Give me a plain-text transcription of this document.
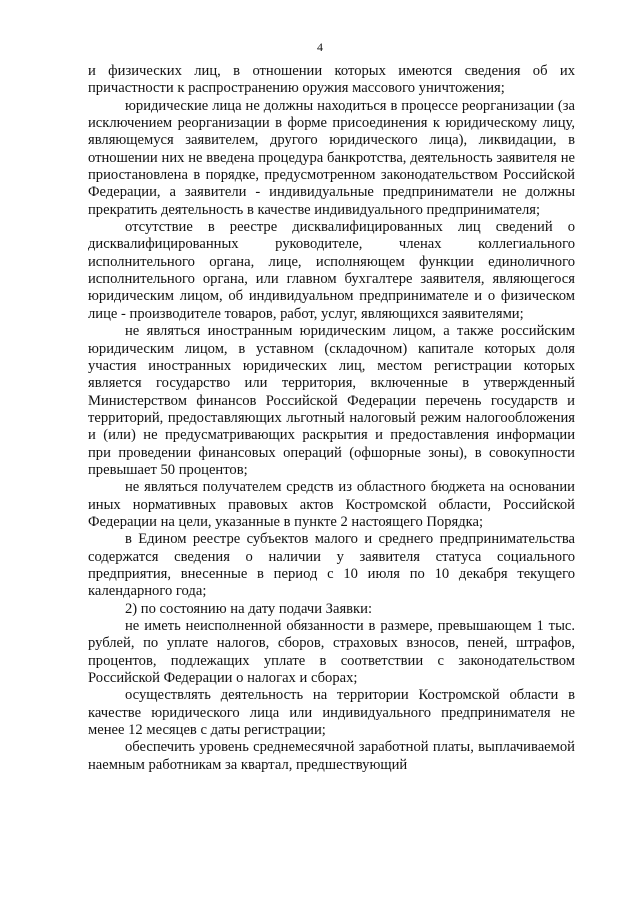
4

и физических лиц, в отношении которых имеются сведения об их причастности к распространению оружия массового уничтожения;

юридические лица не должны находиться в процессе реорганизации (за исключением реорганизации в форме присоединения к юридическому лицу, являющемуся заявителем, другого юридического лица), ликвидации, в отношении них не введена процедура банкротства, деятельность заявителя не приостановлена в порядке, предусмотренном законодательством Российской Федерации, а заявители - индивидуальные предприниматели не должны прекратить деятельность в качестве индивидуального предпринимателя;

отсутствие в реестре дисквалифицированных лиц сведений о дисквалифицированных руководителе, членах коллегиального исполнительного органа, лице, исполняющем функции единоличного исполнительного органа, или главном бухгалтере заявителя, являющегося юридическим лицом, об индивидуальном предпринимателе и о физическом лице - производителе товаров, работ, услуг, являющихся заявителями;

не являться иностранным юридическим лицом, а также российским юридическим лицом, в уставном (складочном) капитале которых доля участия иностранных юридических лиц, местом регистрации которых является государство или территория, включенные в утвержденный Министерством финансов Российской Федерации перечень государств и территорий, предоставляющих льготный налоговый режим налогообложения и (или) не предусматривающих раскрытия и предоставления информации при проведении финансовых операций (офшорные зоны), в совокупности превышает 50 процентов;

не являться получателем средств из областного бюджета на основании иных нормативных правовых актов Костромской области, Российской Федерации на цели, указанные в пункте 2 настоящего Порядка;

в Едином реестре субъектов малого и среднего предпринимательства содержатся сведения о наличии у заявителя статуса социального предприятия, внесенные в период с 10 июля по 10 декабря текущего календарного года;

2) по состоянию на дату подачи Заявки:

не иметь неисполненной обязанности в размере, превышающем 1 тыс. рублей, по уплате налогов, сборов, страховых взносов, пеней, штрафов, процентов, подлежащих уплате в соответствии с законодательством Российской Федерации о налогах и сборах;

осуществлять деятельность на территории Костромской области в качестве юридического лица или индивидуального предпринимателя не менее 12 месяцев с даты регистрации;

обеспечить уровень среднемесячной заработной платы, выплачиваемой наемным работникам за квартал, предшествующий
